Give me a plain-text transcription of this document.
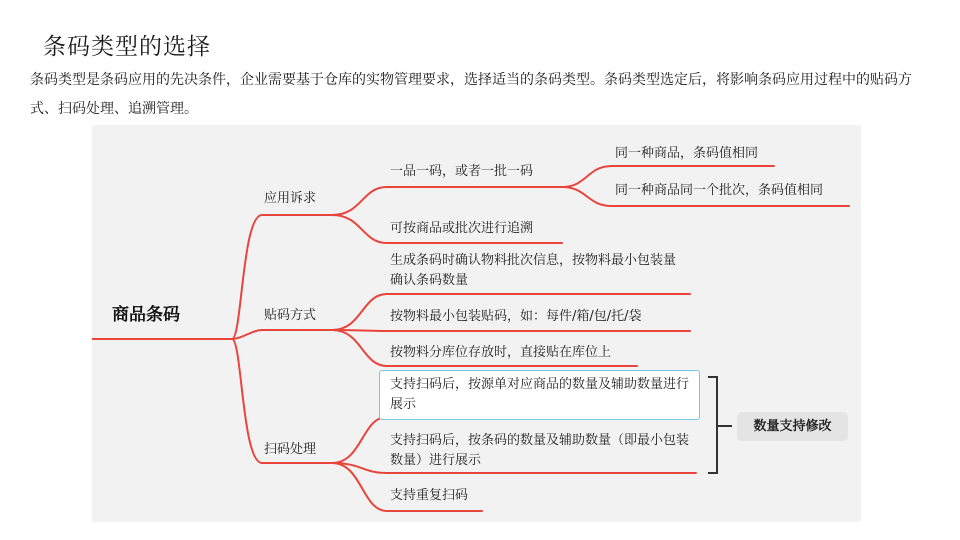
条码类型的选择

条码类型是条码应用的先决条件，企业需要基于仓库的实物管理要求，选择适当的条码类型。条码类型选定后，将影响条码应用过程中的贴码方式、扫码处理、追溯管理。

商品条码
应用诉求
贴码方式
扫码处理
一品一码，或者一批一码
同一种商品，条码值相同
同一种商品同一个批次，条码值相同
可按商品或批次进行追溯
生成条码时确认物料批次信息，按物料最小包装量确认条码数量
按物料最小包装贴码，如：每件/箱/包/托/袋
按物料分库位存放时，直接贴在库位上
支持扫码后，按源单对应商品的数量及辅助数量进行展示
支持扫码后，按条码的数量及辅助数量（即最小包装数量）进行展示
支持重复扫码
数量支持修改
